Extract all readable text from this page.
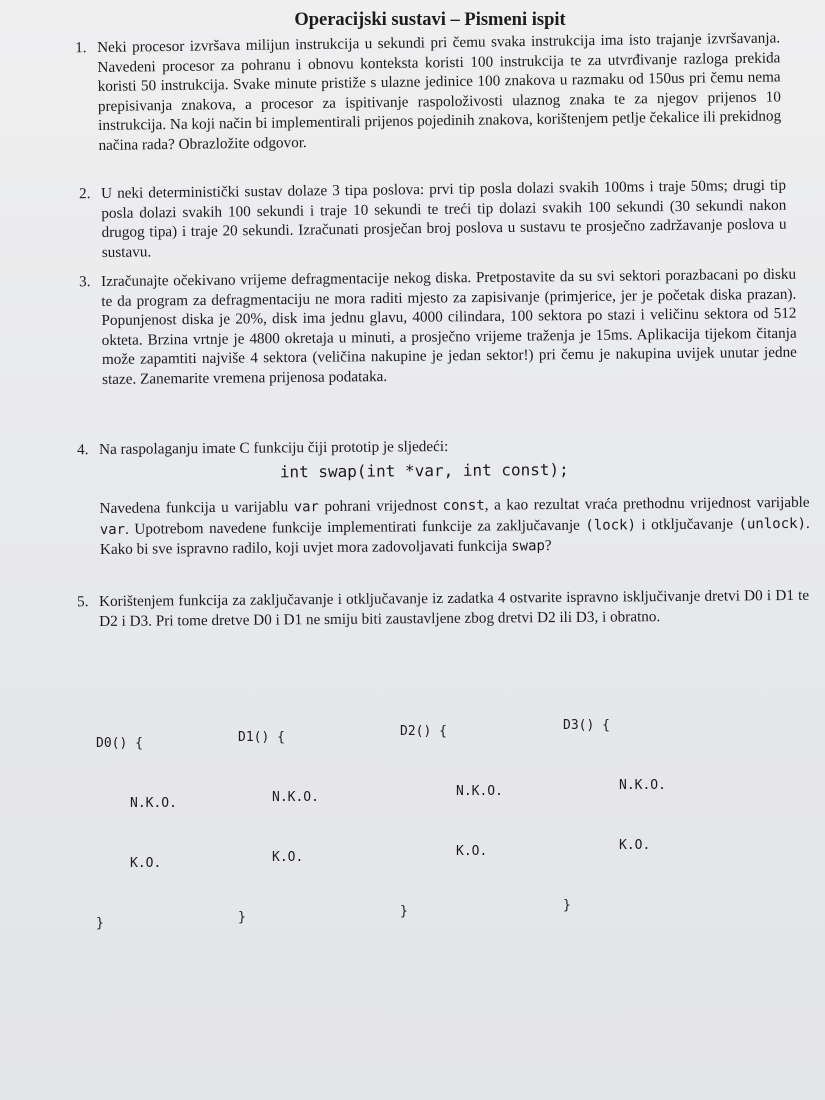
Operacijski sustavi – Pismeni ispit
1. Neki procesor izvršava milijun instrukcija u sekundi pri čemu svaka instrukcija ima isto trajanje izvršavanja. Navedeni procesor za pohranu i obnovu konteksta koristi 100 instrukcija te za utvrđivanje razloga prekida koristi 50 instrukcija. Svake minute pristiže s ulazne jedinice 100 znakova u razmaku od 150us pri čemu nema prepisivanja znakova, a procesor za ispitivanje raspoloživosti ulaznog znaka te za njegov prijenos 10 instrukcija. Na koji način bi implementirali prijenos pojedinih znakova, korištenjem petlje čekalice ili prekidnog načina rada? Obrazložite odgovor.
2. U neki deterministički sustav dolaze 3 tipa poslova: prvi tip posla dolazi svakih 100ms i traje 50ms; drugi tip posla dolazi svakih 100 sekundi i traje 10 sekundi te treći tip dolazi svakih 100 sekundi (30 sekundi nakon drugog tipa) i traje 20 sekundi. Izračunati prosječan broj poslova u sustavu te prosječno zadržavanje poslova u sustavu.
3. Izračunajte očekivano vrijeme defragmentacije nekog diska. Pretpostavite da su svi sektori porazbacani po disku te da program za defragmentaciju ne mora raditi mjesto za zapisivanje (primjerice, jer je početak diska prazan). Popunjenost diska je 20%, disk ima jednu glavu, 4000 cilindara, 100 sektora po stazi i veličinu sektora od 512 okteta. Brzina vrtnje je 4800 okretaja u minuti, a prosječno vrijeme traženja je 15ms. Aplikacija tijekom čitanja može zapamtiti najviše 4 sektora (veličina nakupine je jedan sektor!) pri čemu je nakupina uvijek unutar jedne staze. Zanemarite vremena prijenosa podataka.
4. Na raspolaganju imate C funkciju čiji prototip je sljedeći:
int swap(int *var, int const);
Navedena funkcija u varijablu var pohrani vrijednost const, a kao rezultat vraća prethodnu vrijednost varijable var. Upotrebom navedene funkcije implementirati funkcije za zaključavanje (lock) i otključavanje (unlock). Kako bi sve ispravno radilo, koji uvjet mora zadovoljavati funkcija swap?
5. Korištenjem funkcija za zaključavanje i otključavanje iz zadatka 4 ostvarite ispravno isključivanje dretvi D0 i D1 te D2 i D3. Pri tome dretve D0 i D1 ne smiju biti zaustavljene zbog dretvi D2 ili D3, i obratno.

D0() {

N.K.O.

K.O.

}

D1() {

N.K.O.

K.O.

}

D2() {

N.K.O.

K.O.

}

D3() {

N.K.O.

K.O.

}
